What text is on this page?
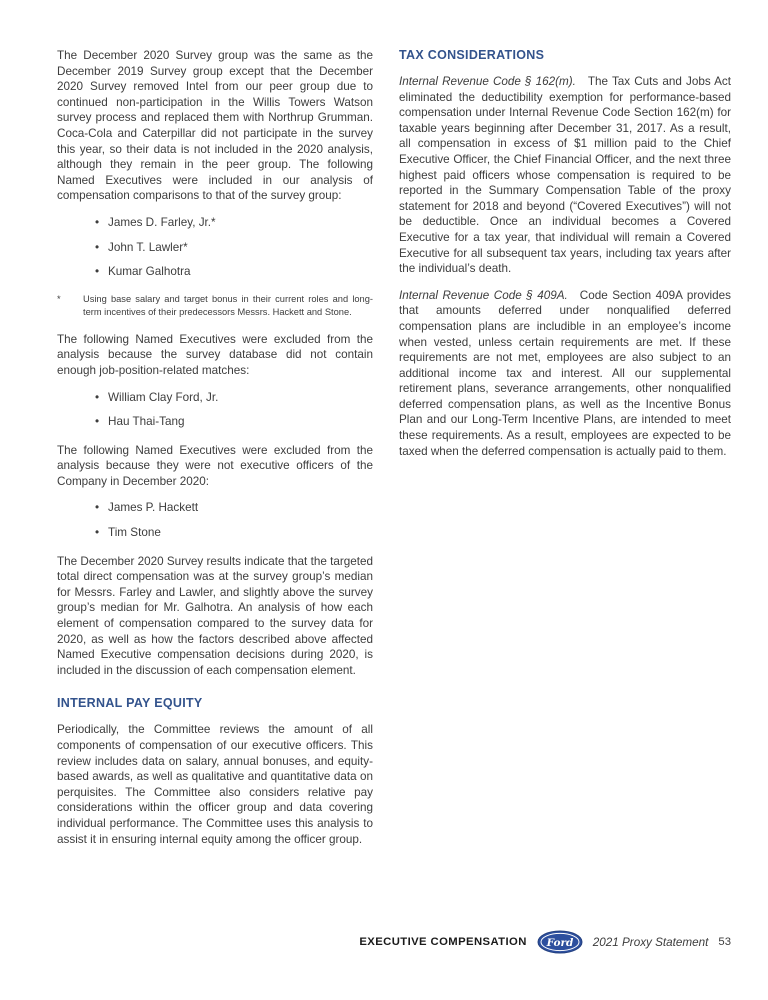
The December 2020 Survey group was the same as the December 2019 Survey group except that the December 2020 Survey removed Intel from our peer group due to continued non-participation in the Willis Towers Watson survey process and replaced them with Northrup Grumman. Coca-Cola and Caterpillar did not participate in the survey this year, so their data is not included in the 2020 analysis, although they remain in the peer group. The following Named Executives were included in our analysis of compensation comparisons to that of the survey group:

• James D. Farley, Jr.*
• John T. Lawler*
• Kumar Galhotra
*	Using base salary and target bonus in their current roles and long-term incentives of their predecessors Messrs. Hackett and Stone.

The following Named Executives were excluded from the analysis because the survey database did not contain enough job-position-related matches:

• William Clay Ford, Jr.
• Hau Thai-Tang

The following Named Executives were excluded from the analysis because they were not executive officers of the Company in December 2020:

• James P. Hackett
• Tim Stone

The December 2020 Survey results indicate that the targeted total direct compensation was at the survey group’s median for Messrs. Farley and Lawler, and slightly above the survey group’s median for Mr. Galhotra. An analysis of how each element of compensation compared to the survey data for 2020, as well as how the factors described above affected Named Executive compensation decisions during 2020, is included in the discussion of each compensation element.

INTERNAL PAY EQUITY

Periodically, the Committee reviews the amount of all components of compensation of our executive officers. This review includes data on salary, annual bonuses, and equity-based awards, as well as qualitative and quantitative data on perquisites. The Committee also considers relative pay considerations within the officer group and data covering individual performance. The Committee uses this analysis to assist it in ensuring internal equity among the officer group.

TAX CONSIDERATIONS

Internal Revenue Code § 162(m). The Tax Cuts and Jobs Act eliminated the deductibility exemption for performance-based compensation under Internal Revenue Code Section 162(m) for taxable years beginning after December 31, 2017. As a result, all compensation in excess of $1 million paid to the Chief Executive Officer, the Chief Financial Officer, and the next three highest paid officers whose compensation is required to be reported in the Summary Compensation Table of the proxy statement for 2018 and beyond (“Covered Executives”) will not be deductible. Once an individual becomes a Covered Executive for a tax year, that individual will remain a Covered Executive for all subsequent tax years, including tax years after the individual’s death.

Internal Revenue Code § 409A. Code Section 409A provides that amounts deferred under nonqualified deferred compensation plans are includible in an employee’s income when vested, unless certain requirements are met. If these requirements are not met, employees are also subject to an additional income tax and interest. All our supplemental retirement plans, severance arrangements, other nonqualified deferred compensation plans, as well as the Incentive Bonus Plan and our Long-Term Incentive Plans, are intended to meet these requirements. As a result, employees are expected to be taxed when the deferred compensation is actually paid to them.

EXECUTIVE COMPENSATION Ford 2021 Proxy Statement 53
